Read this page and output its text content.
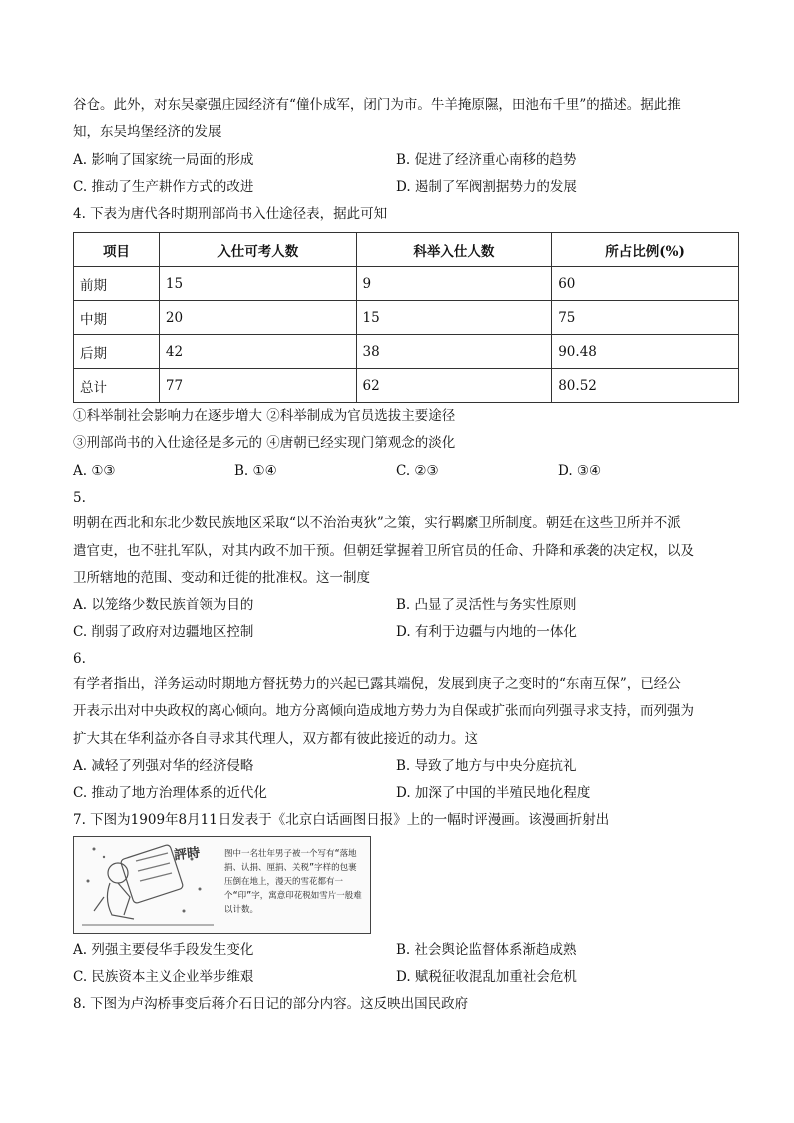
谷仓。此外，对东吴豪强庄园经济有“僮仆成军，闭门为市。牛羊掩原隰，田池布千里”的描述。据此推
知，东吴坞堡经济的发展
A. 影响了国家统一局面的形成	B. 促进了经济重心南移的趋势
C. 推动了生产耕作方式的改进	D. 遏制了军阀割据势力的发展
4. 下表为唐代各时期刑部尚书入仕途径表，据此可知
项目	入仕可考人数	科举入仕人数	所占比例(%)
前期	15	9	60
中期	20	15	75
后期	42	38	90.48
总计	77	62	80.52
①科举制社会影响力在逐步增大 ②科举制成为官员选拔主要途径
③刑部尚书的入仕途径是多元的 ④唐朝已经实现门第观念的淡化
A. ①③	B. ①④	C. ②③	D. ③④
5.
明朝在西北和东北少数民族地区采取“以不治治夷狄”之策，实行羁縻卫所制度。朝廷在这些卫所并不派
遣官吏，也不驻扎军队，对其内政不加干预。但朝廷掌握着卫所官员的任命、升降和承袭的决定权，以及
卫所辖地的范围、变动和迁徙的批准权。这一制度
A. 以笼络少数民族首领为目的	B. 凸显了灵活性与务实性原则
C. 削弱了政府对边疆地区控制	D. 有利于边疆与内地的一体化
6.
有学者指出，洋务运动时期地方督抚势力的兴起已露其端倪，发展到庚子之变时的“东南互保”，已经公
开表示出对中央政权的离心倾向。地方分离倾向造成地方势力为自保或扩张而向列强寻求支持，而列强为
扩大其在华利益亦各自寻求其代理人，双方都有彼此接近的动力。这
A. 减轻了列强对华的经济侵略	B. 导致了地方与中央分庭抗礼
C. 推动了地方治理体系的近代化	D. 加深了中国的半殖民地化程度
7. 下图为1909年8月11日发表于《北京白话画图日报》上的一幅时评漫画。该漫画折射出
評時	图中一名壮年男子被一个写有“落地捐、认捐、厘捐、关税”字样的包裹压倒在地上，漫天的雪花都有一个“印”字，寓意印花税如雪片一般难以计数。
A. 列强主要侵华手段发生变化	B. 社会舆论监督体系渐趋成熟
C. 民族资本主义企业举步维艰	D. 赋税征收混乱加重社会危机
8. 下图为卢沟桥事变后蒋介石日记的部分内容。这反映出国民政府
